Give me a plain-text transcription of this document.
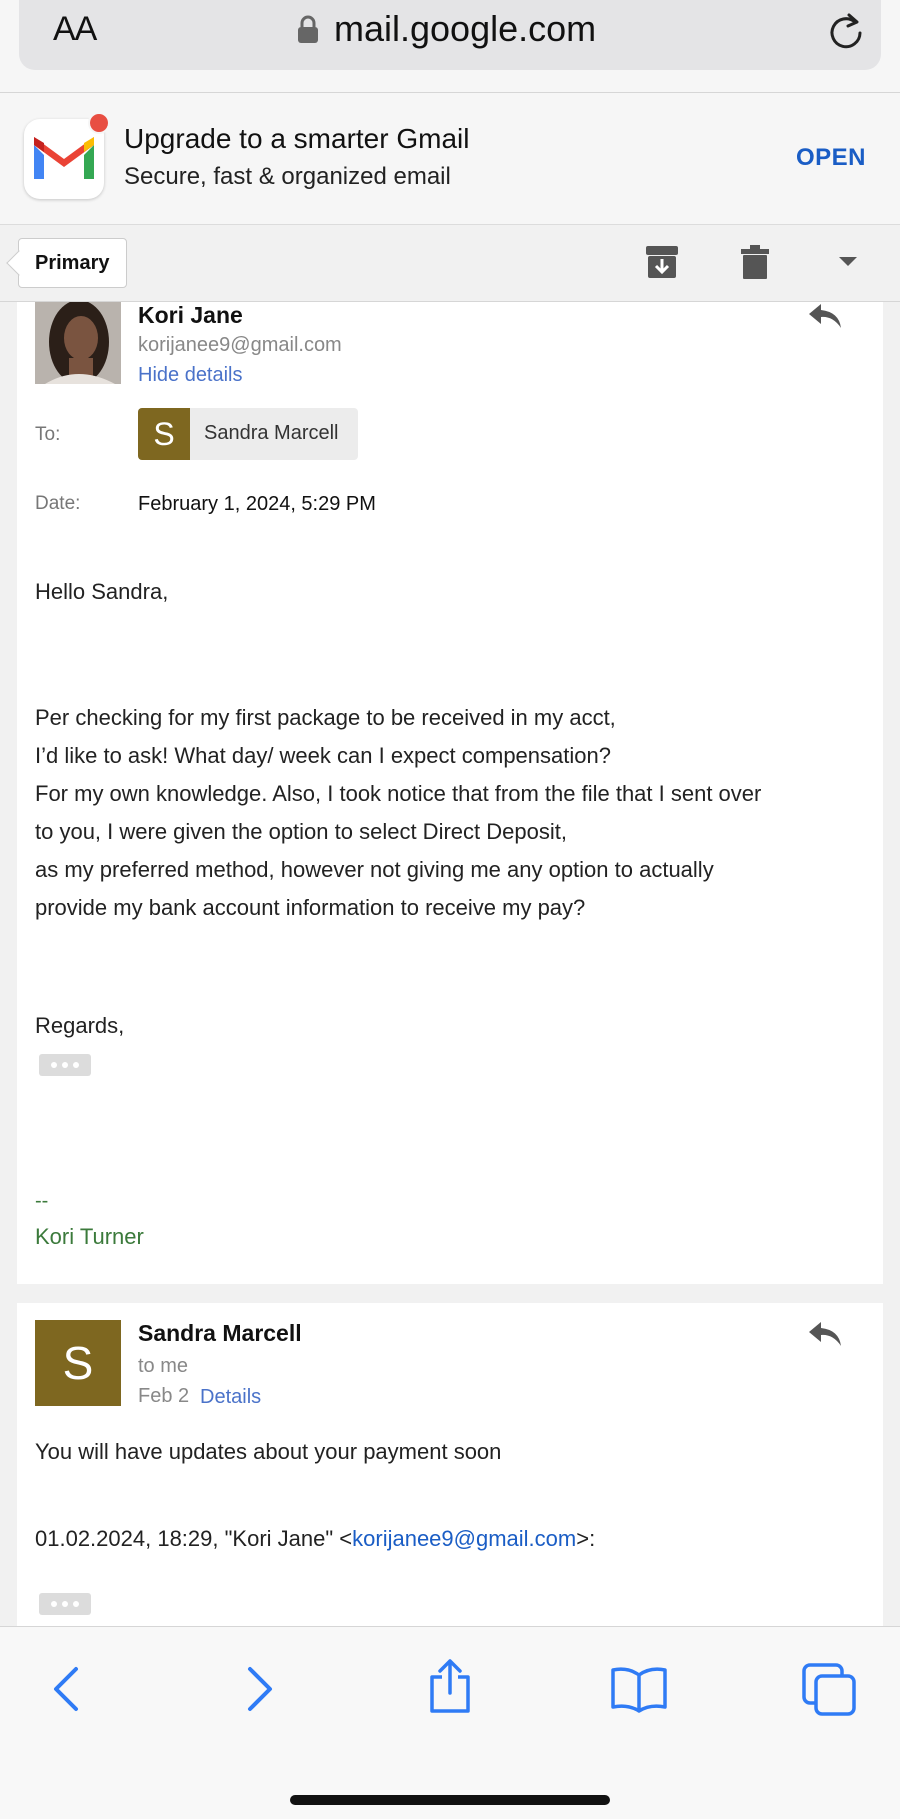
AA	mail.google.com
Upgrade to a smarter Gmail
Secure, fast & organized email
OPEN
Primary
Kori Jane
korijanee9@gmail.com
Hide details
To:	S	Sandra Marcell
Date:	February 1, 2024, 5:29 PM
Hello Sandra,
Per checking for my first package to be received in my acct,
I’d like to ask! What day/ week can I expect compensation?
For my own knowledge. Also, I took notice that from the file that I sent over
to you, I were given the option to select Direct Deposit,
as my preferred method, however not giving me any option to actually
provide my bank account information to receive my pay?
Regards,
--
Kori Turner
S
Sandra Marcell
to me
Feb 2 Details
You will have updates about your payment soon
01.02.2024, 18:29, "Kori Jane" <korijanee9@gmail.com>:
